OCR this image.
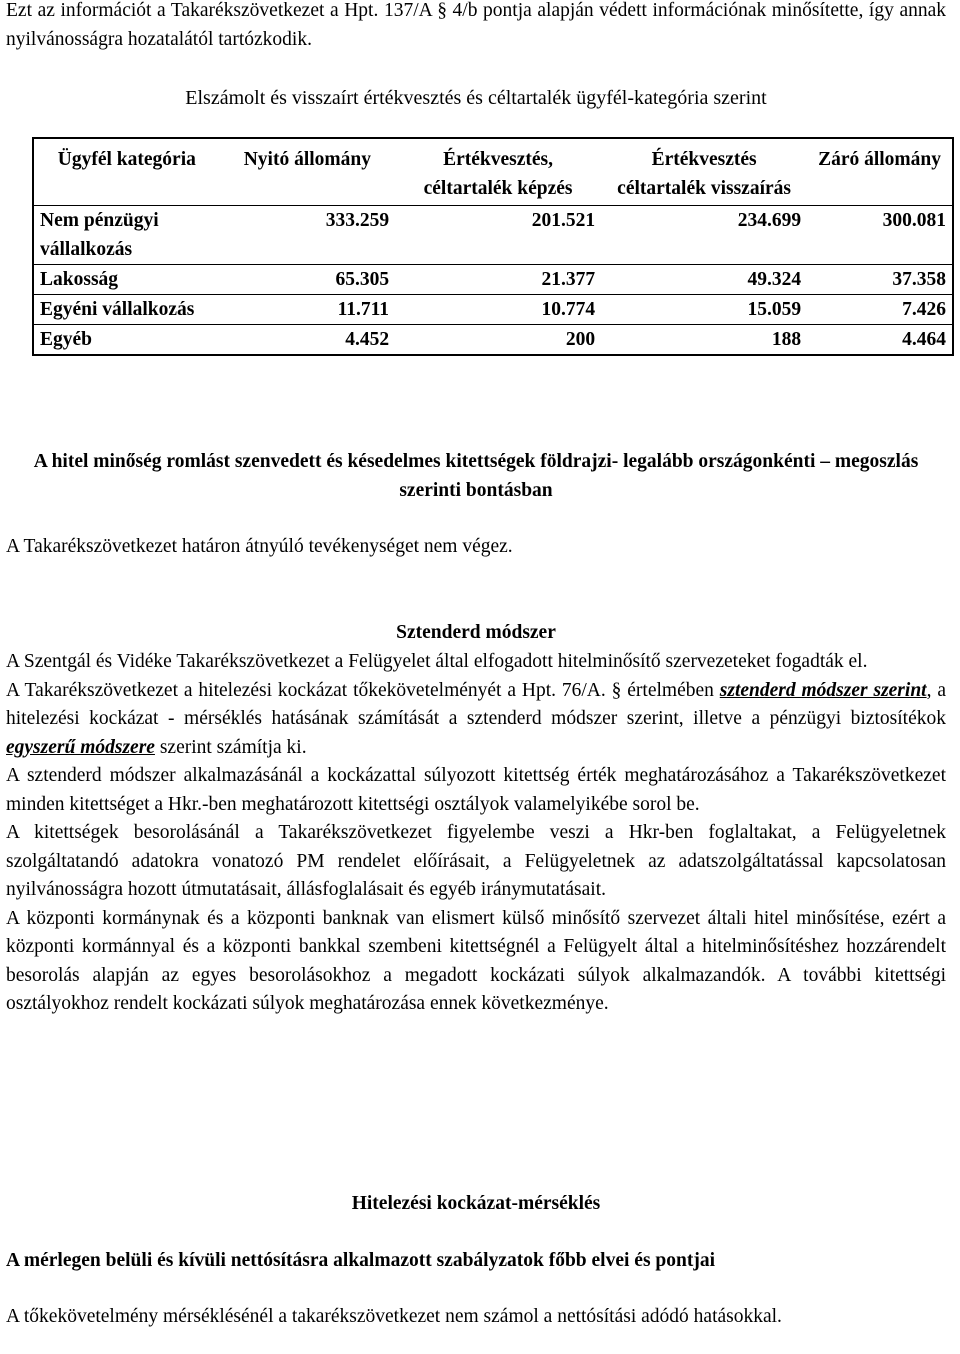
Ezt az információt a Takarékszövetkezet a Hpt. 137/A § 4/b pontja alapján védett információnak minősítette, így annak nyilvánosságra hozatalától tartózkodik.

Elszámolt és visszaírt értékvesztés és céltartalék ügyfél-kategória szerint
Ügyfél kategória	Nyitó állomány	Értékvesztés, céltartalék képzés	Értékvesztés céltartalék visszaírás	Záró állomány
Nem pénzügyi vállalkozás	333.259	201.521	234.699	300.081
Lakosság	65.305	21.377	49.324	37.358
Egyéni vállalkozás	11.711	10.774	15.059	7.426
Egyéb	4.452	200	188	4.464
A hitel minőség romlást szenvedett és késedelmes kitettségek földrajzi- legalább országonkénti – megoszlás szerinti bontásban

A Takarékszövetkezet határon átnyúló tevékenységet nem végez.

Sztenderd módszer

A Szentgál és Vidéke Takarékszövetkezet a Felügyelet által elfogadott hitelminősítő szervezeteket fogadták el.

A Takarékszövetkezet a hitelezési kockázat tőkekövetelményét a Hpt. 76/A. § értelmében sztenderd módszer szerint, a hitelezési kockázat - mérséklés hatásának számítását a sztenderd módszer szerint, illetve a pénzügyi biztosítékok egyszerű módszere szerint számítja ki.

A sztenderd módszer alkalmazásánál a kockázattal súlyozott kitettség érték meghatározásához a Takarékszövetkezet minden kitettséget a Hkr.-ben meghatározott kitettségi osztályok valamelyikébe sorol be.

A kitettségek besorolásánál a Takarékszövetkezet figyelembe veszi a Hkr-ben foglaltakat, a Felügyeletnek szolgáltatandó adatokra vonatozó PM rendelet előírásait, a Felügyeletnek az adatszolgáltatással kapcsolatosan nyilvánosságra hozott útmutatásait, állásfoglalásait és egyéb iránymutatásait.

A központi kormánynak és a központi banknak van elismert külső minősítő szervezet általi hitel minősítése, ezért a központi kormánnyal és a központi bankkal szembeni kitettségnél a Felügyelt által a hitelminősítéshez hozzárendelt besorolás alapján az egyes besorolásokhoz a megadott kockázati súlyok alkalmazandók. A további kitettségi osztályokhoz rendelt kockázati súlyok meghatározása ennek következménye.

Hitelezési kockázat-mérséklés
A mérlegen belüli és kívüli nettósításra alkalmazott szabályzatok főbb elvei és pontjai

A tőkekövetelmény mérséklésénél a takarékszövetkezet nem számol a nettósítási adódó hatásokkal.
